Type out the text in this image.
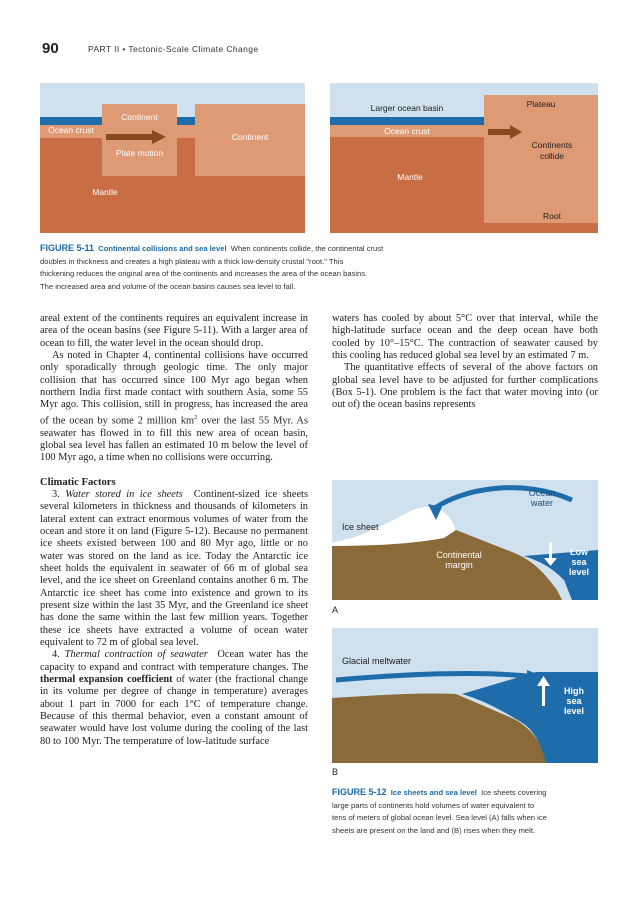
90	PART II • Tectonic-Scale Climate Change
Ocean crust
Continent
Plate motion
Continent
Mantle
Larger ocean basin	Plateau
Ocean crust
Continents
collide
Mantle
Root
FIGURE 5-11 Continental collisions and sea level When continents collide, the continental crust
doubles in thickness and creates a high plateau with a thick low-density crustal "root." This
thickening reduces the original area of the continents and increases the area of the ocean basins.
The increased area and volume of the ocean basins causes sea level to fall.

areal extent of the continents requires an equivalent increase in area of the ocean basins (see Figure 5-11). With a larger area of ocean to fill, the water level in the ocean should drop.

As noted in Chapter 4, continental collisions have occurred only sporadically through geologic time. The only major collision that has occurred since 100 Myr ago began when northern India first made contact with southern Asia, some 55 Myr ago. This collision, still in progress, has increased the area of the ocean by some 2 million $km^2$ over the last 55 Myr. As seawater has flowed in to fill this new area of ocean basin, global sea level has fallen an estimated 10 m below the level of 100 Myr ago, a time when no collisions were occurring.

Climatic Factors

3. Water stored in ice sheets Continent-sized ice sheets several kilometers in thickness and thousands of kilometers in lateral extent can extract enormous volumes of water from the ocean and store it on land (Figure 5-12). Because no permanent ice sheets existed between 100 and 80 Myr ago, little or no water was stored on the land as ice. Today the Antarctic ice sheet holds the equivalent in seawater of 66 m of global sea level, and the ice sheet on Greenland contains another 6 m. The Antarctic ice sheet has come into existence and grown to its present size within the last 35 Myr, and the Greenland ice sheet has done the same within the last few million years. Together these ice sheets have extracted a volume of ocean water equivalent to 72 m of global sea level.

4. Thermal contraction of seawater Ocean water has the capacity to expand and contract with temperature changes. The thermal expansion coefficient of water (the fractional change in its volume per degree of change in temperature) averages about 1 part in 7000 for each 1°C of temperature change. Because of this thermal behavior, even a constant amount of seawater would have lost volume during the cooling of the last 80 to 100 Myr. The temperature of low-latitude surface

waters has cooled by about 5°C over that interval, while the high-latitude surface ocean and the deep ocean have both cooled by 10°–15°C. The contraction of seawater caused by this cooling has reduced global sea level by an estimated 7 m.

The quantitative effects of several of the above factors on global sea level have to be adjusted for further complications (Box 5-1). One problem is the fact that water moving into (or out of) the ocean basins represents

Ice sheet
Ocean
water
Continental
margin
Low
sea
level
A
Glacial meltwater
High
sea
level
B
FIGURE 5-12 Ice sheets and sea level Ice sheets covering
large parts of continents hold volumes of water equivalent to
tens of meters of global ocean level. Sea level (A) falls when ice
sheets are present on the land and (B) rises when they melt.
